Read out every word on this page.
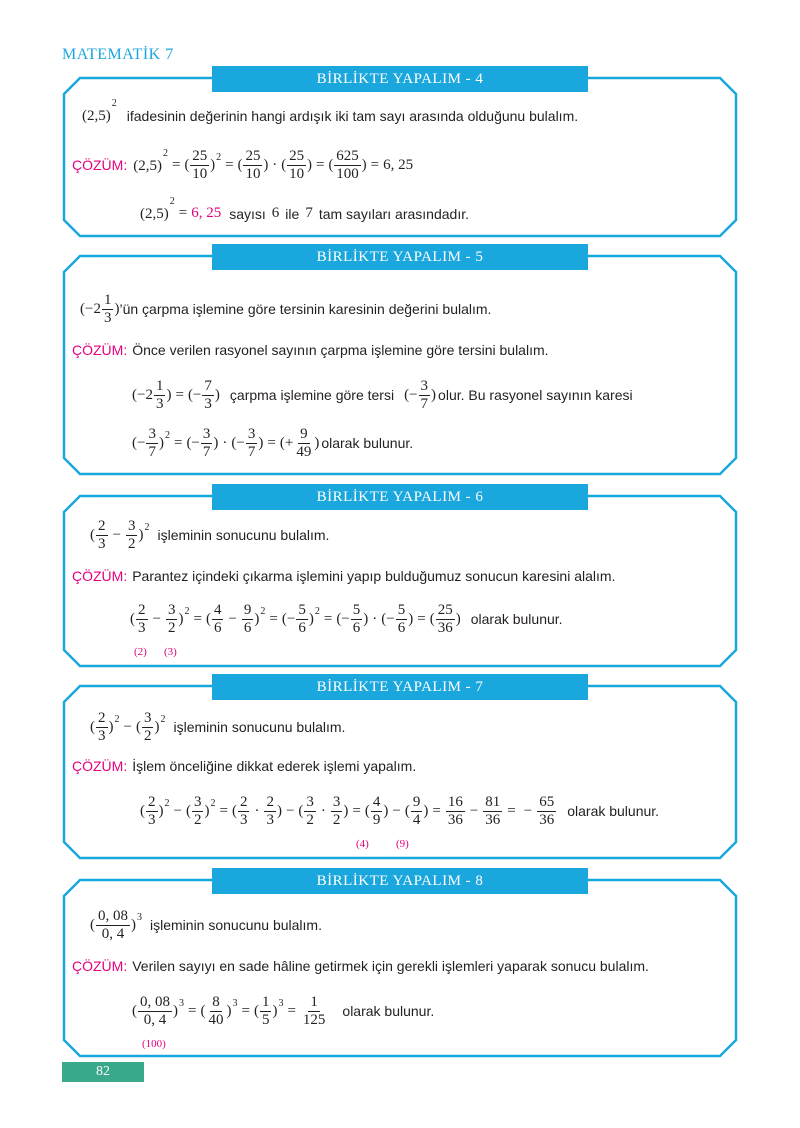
MATEMATİK 7
BİRLİKTE YAPALIM - 4
$(2,5)^2$
ifadesinin değerinin hangi ardışık iki tam sayı arasında olduğunu bulalım.
ÇÖZÜM: $(2,5)^2$
= ( $\frac{25}{10}$ ) 2 = ( $\frac{25}{10}$ ) · ( $\frac{25}{10}$ ) = ( $\frac{625}{100}$ ) = 6, 25
$(2,5)^2$
= 6, 25 sayısı 6 ile 7 tam sayıları arasındadır.
BİRLİKTE YAPALIM - 5
($-2 \frac{1}{3}$ ) ’ün çarpma işlemine göre tersinin karesinin değerini bulalım.
ÇÖZÜM: Önce verilen rasyonel sayının çarpma işlemine göre tersini bulalım.
($-2 \frac{1}{3}$ ) = (− $\frac{7}{3}$ ) çarpma işlemine göre tersi (− $\frac{3}{7}$ ) olur. Bu rasyonel sayının karesi
(− $\frac{3}{7}$ ) 2 = (− $\frac{3}{7}$ ) · (− $\frac{3}{7}$ ) = (+ $\frac{9}{49}$ ) olarak bulunur.
BİRLİKTE YAPALIM - 6
( $\frac{2}{3} - \frac{3}{2}$ ) 2 işleminin sonucunu bulalım.
ÇÖZÜM: Parantez içindeki çıkarma işlemini yapıp bulduğumuz sonucun karesini alalım.
( $\frac{2}{3} - \frac{3}{2}$ ) 2 = ( $\frac{4}{6} - \frac{9}{6}$ ) 2 = (− $\frac{5}{6}$ ) 2 = (− $\frac{5}{6}$ ) · (− $\frac{5}{6}$ ) = ( $\frac{25}{36}$ ) olarak bulunur.
(2) (3)
BİRLİKTE YAPALIM - 7
( $\frac{2}{3}$ ) 2 − ( $\frac{3}{2}$ ) 2 işleminin sonucunu bulalım.
ÇÖZÜM: İşlem önceliğine dikkat ederek işlemi yapalım.
( $\frac{2}{3}$ ) 2 − ( $\frac{3}{2}$ ) 2 = ( $\frac{2}{3} \cdot \frac{2}{3}$ ) − ( $\frac{3}{2} \cdot \frac{3}{2}$ ) = ( $\frac{4}{9}$ ) − ( $\frac{9}{4}$ ) = $\frac{16}{36} - \frac{81}{36}$ = − $\frac{65}{36}$ olarak bulunur.
(4) (9)
BİRLİKTE YAPALIM - 8
( $\frac{0, 08}{0, 4}$ ) 3 işleminin sonucunu bulalım.
ÇÖZÜM: Verilen sayıyı en sade hâline getirmek için gerekli işlemleri yaparak sonucu bulalım.
( $\frac{0, 08}{0, 4}$ ) 3 = ( $\frac{8}{40}$ ) 3 = ( $\frac{1}{5}$ ) $3 = \frac{1}{125}$ olarak bulunur.
(100)
82
